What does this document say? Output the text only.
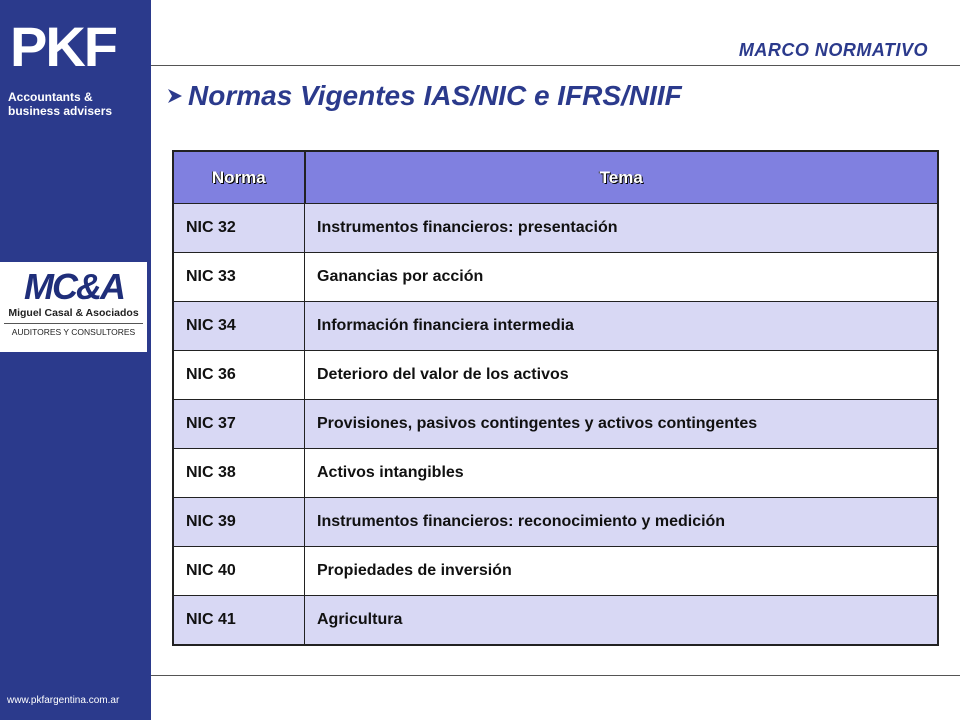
PKF
Accountants &
business advisers
MC&A
Miguel Casal & Asociados
AUDITORES Y CONSULTORES
www.pkfargentina.com.ar
MARCO NORMATIVO
Normas Vigentes IAS/NIC e IFRS/NIIF
Norma	Tema
NIC 32	Instrumentos financieros: presentación
NIC 33	Ganancias por acción
NIC 34	Información financiera intermedia
NIC 36	Deterioro del valor de los activos
NIC 37	Provisiones, pasivos contingentes y activos contingentes
NIC 38	Activos intangibles
NIC 39	Instrumentos financieros: reconocimiento y medición
NIC 40	Propiedades de inversión
NIC 41	Agricultura
